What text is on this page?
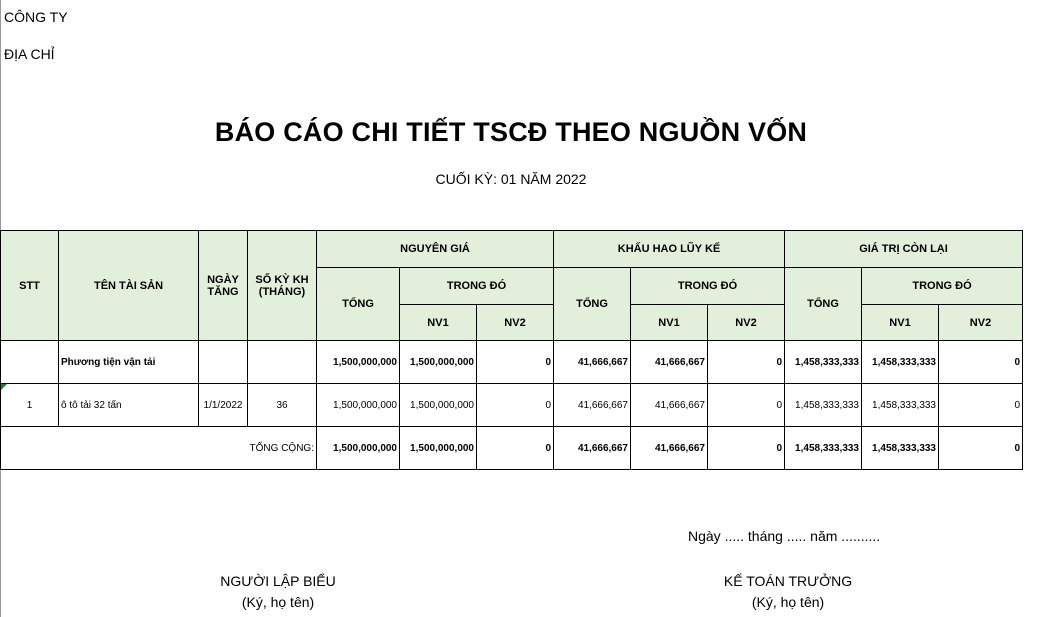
CÔNG TY
ĐỊA CHỈ
BÁO CÁO CHI TIẾT TSCĐ THEO NGUỒN VỐN
CUỐI KỲ: 01 NĂM 2022
STT	TÊN TÀI SẢN	NGÀY TĂNG	SỐ KỲ KH (THÁNG)	NGUYÊN GIÁ			KHẤU HAO LŨY KẾ			GIÁ TRỊ CÒN LẠI		
				TỔNG	TRONG ĐÓ		TỔNG	TRONG ĐÓ		TỔNG	TRONG ĐÓ	
					NV1	NV2		NV1	NV2		NV1	NV2
	Phương tiện vận tải			1,500,000,000	1,500,000,000	0	41,666,667	41,666,667	0	1,458,333,333	1,458,333,333	0

1	ô tô tải 32 tấn	1/1/2022	36	1,500,000,000	1,500,000,000	0	41,666,667	41,666,667	0	1,458,333,333	1,458,333,333	0
TỔNG CỘNG:				1,500,000,000	1,500,000,000	0	41,666,667	41,666,667	0	1,458,333,333	1,458,333,333	0
Ngày ..... tháng ..... năm ..........
NGƯỜI LẬP BIỂU
(Ký, họ tên)
KẾ TOÁN TRƯỞNG
(Ký, họ tên)
